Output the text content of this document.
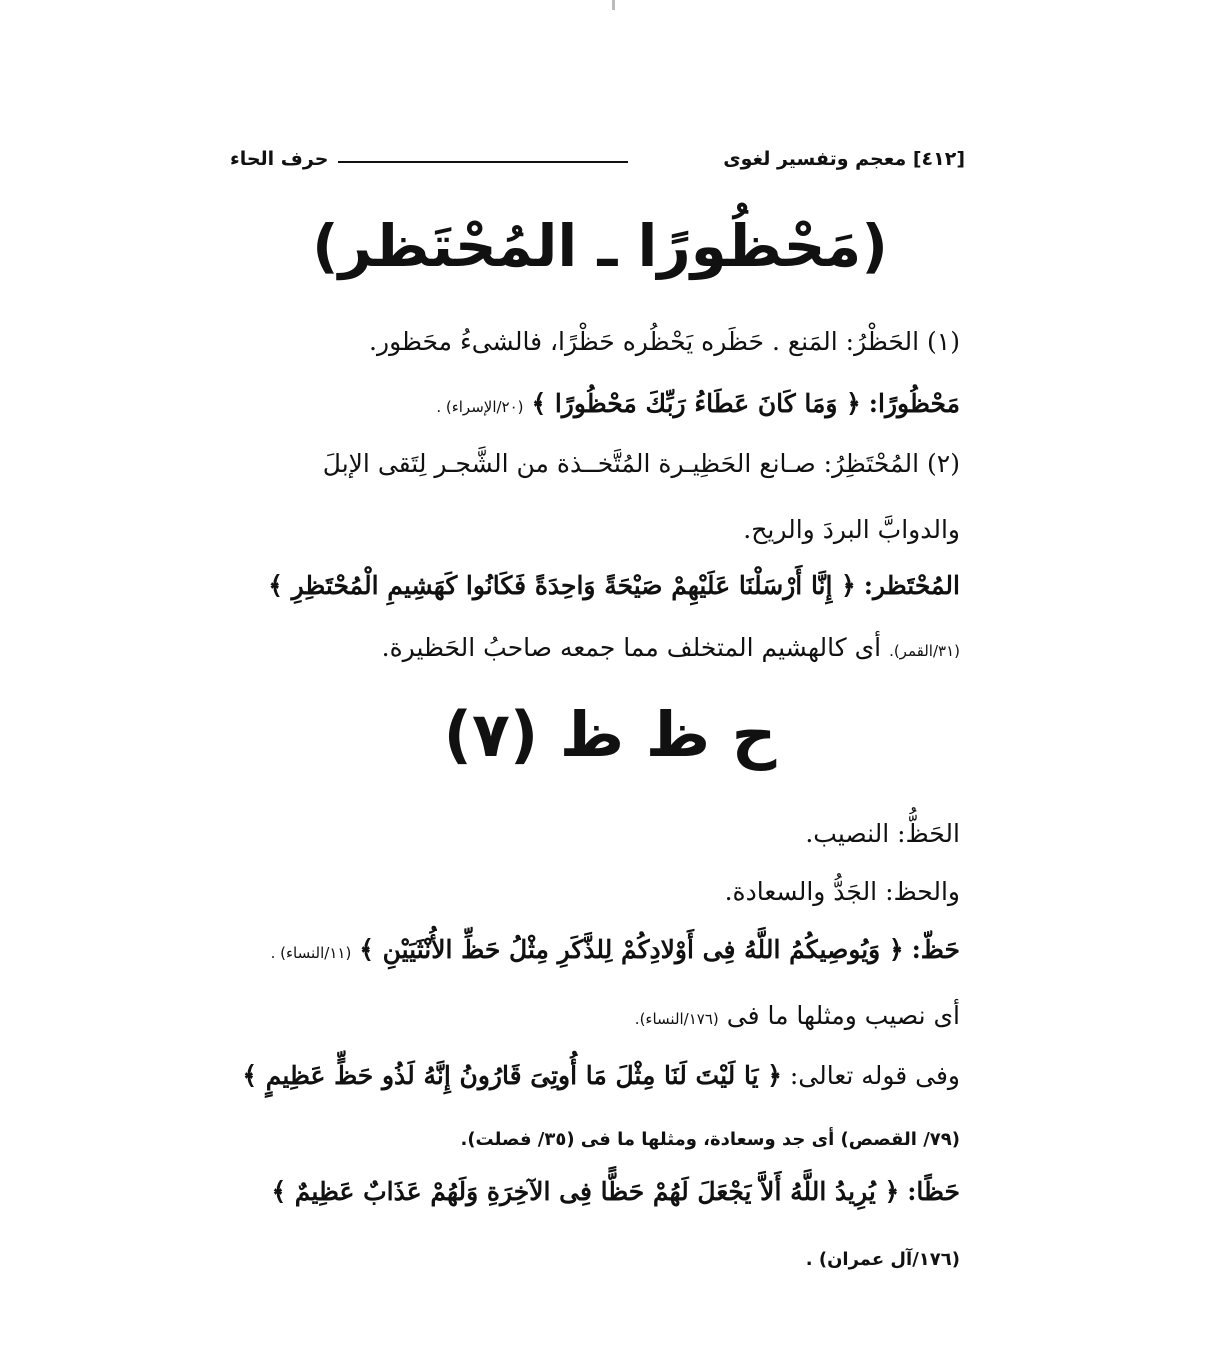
حرف الحاء	[٤١٢] معجم وتفسير لغوى
(مَحْظُورًا ـ المُحْتَظر)
(١) الحَظْرُ: المَنع . حَظَره يَحْظُره حَظْرًا، فالشىءُ محَظور.
مَحْظُورًا: ﴿ وَمَا كَانَ عَطَاءُ رَبِّكَ مَحْظُورًا ﴾ (٢٠/الإسراء) .
(٢) المُحْتَظِرُ: صـانع الحَظِيـرة المُتَّخــذة من الشَّجـر لِتَقى الإبلَ
والدوابَّ البردَ والريح.
المُحْتَظر: ﴿ إِنَّا أَرْسَلْنَا عَلَيْهِمْ صَيْحَةً وَاحِدَةً فَكَانُوا كَهَشِيمِ الْمُحْتَظِرِ ﴾
(٣١/القمر). أى كالهشيم المتخلف مما جمعه صاحبُ الحَظيرة.
ح ظ ظ (٧)
الحَظُّ: النصيب.
والحظ: الجَدُّ والسعادة.
حَظّ: ﴿ وَيُوصِيكُمُ اللَّهُ فِى أَوْلادِكُمْ لِلذَّكَرِ مِثْلُ حَظِّ الأُنْثَيَيْنِ ﴾ (١١/النساء) .
أى نصيب ومثلها ما فى (١٧٦/النساء).
وفى قوله تعالى: ﴿ يَا لَيْتَ لَنَا مِثْلَ مَا أُوتِىَ قَارُونُ إِنَّهُ لَذُو حَظٍّ عَظِيمٍ ﴾
(٧٩/ القصص) أى جد وسعادة، ومثلها ما فى (٣٥/ فصلت).
حَظًا: ﴿ يُرِيدُ اللَّهُ أَلاَّ يَجْعَلَ لَهُمْ حَظًّا فِى الآخِرَةِ وَلَهُمْ عَذَابٌ عَظِيمٌ ﴾
(١٧٦/آل عمران) .
